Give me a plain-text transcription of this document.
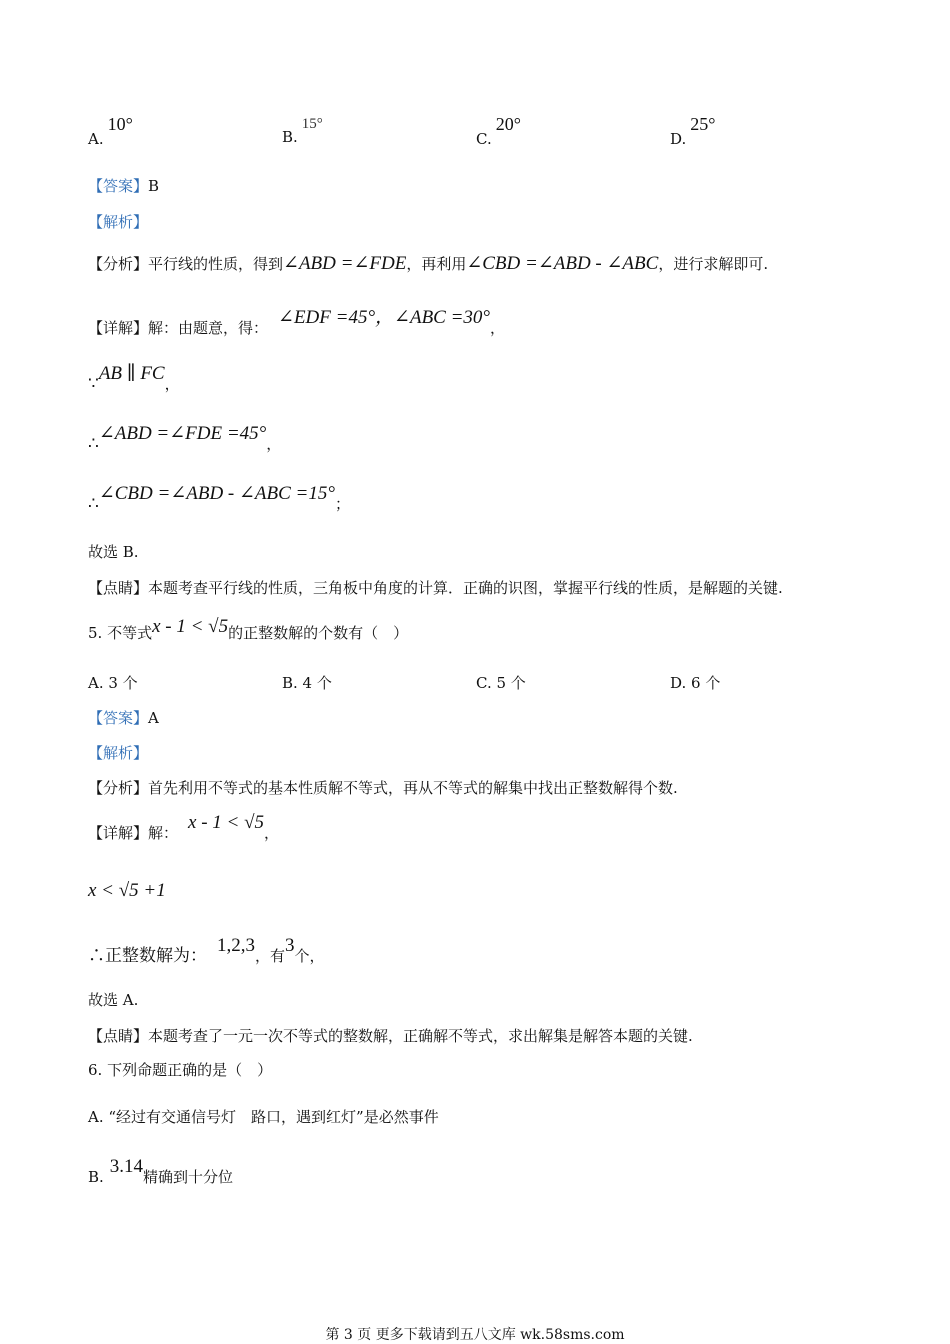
A.10°
B.15°
C.20°
D.25°
【答案】B
【解析】
【分析】平行线的性质，得到∠ABD =∠FDE，再利用∠CBD =∠ABD - ∠ABC，进行求解即可.
【详解】解：由题意，得： ∠EDF =45°，∠ABC =30°，
∵AB ∥ FC，
∴∠ABD =∠FDE =45°，
∴∠CBD =∠ABD - ∠ABC =15°；
故选 B.
【点睛】本题考查平行线的性质，三角板中角度的计算．正确的识图，掌握平行线的性质，是解题的关键.
5. 不等式x - 1 < √5的正整数解的个数有（　）
A. 3 个	B. 4 个	C. 5 个	D. 6 个
【答案】A
【解析】
【分析】首先利用不等式的基本性质解不等式，再从不等式的解集中找出正整数解得个数.
【详解】解： x - 1 < √5，
x < √5 +1
∴正整数解为： 1,2,3，有3个，
故选 A.
【点睛】本题考查了一元一次不等式的整数解，正确解不等式，求出解集是解答本题的关键.
6. 下列命题正确的是（　）
A. “经过有交通信号灯　路口，遇到红灯”是必然事件
B. 3.14精确到十分位
第 3 页 更多下载请到五八文库 wk.58sms.com
